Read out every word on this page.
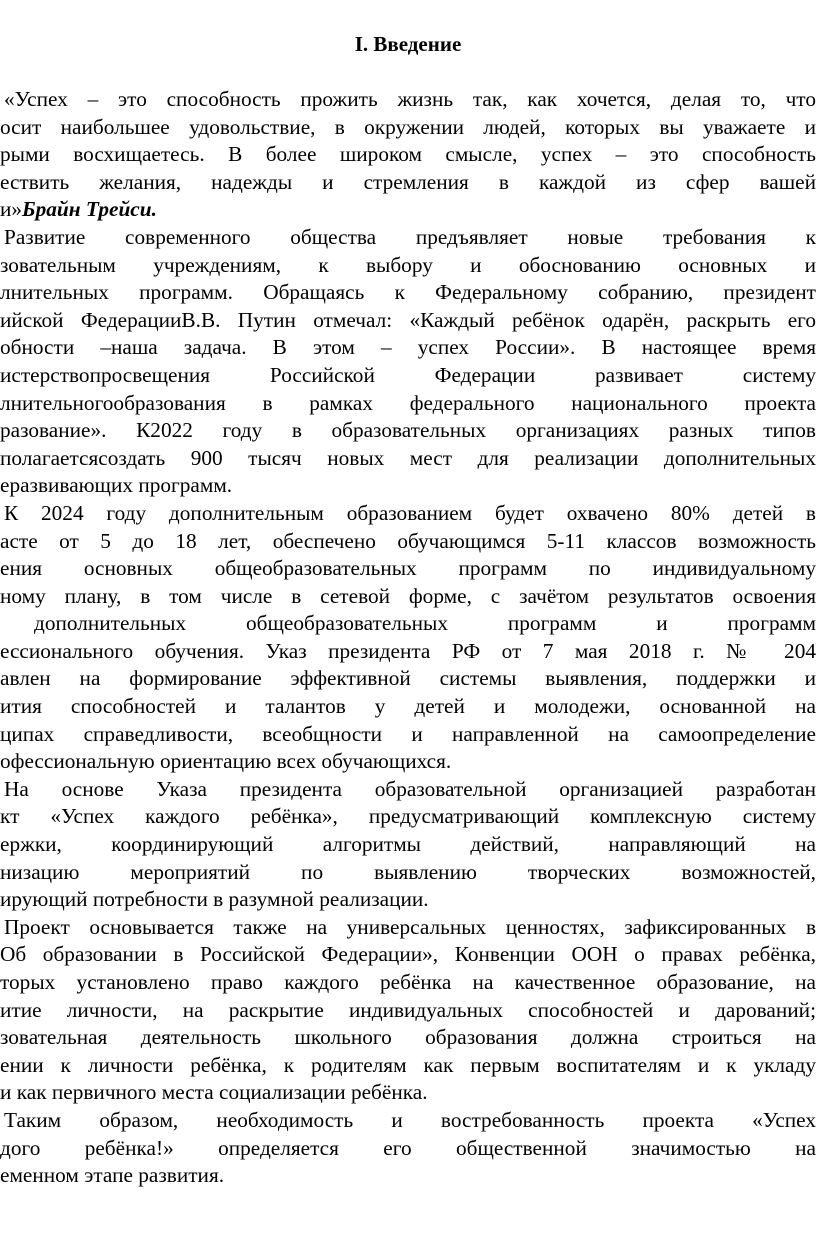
I. Введение
«Успех – это способность прожить жизнь так, как хочется, делая то, что
осит наибольшее удовольствие, в окружении людей, которых вы уважаете и
рыми восхищаетесь. В более широком смысле, успех – это способность
ествить желания, надежды и стремления в каждой из сфер вашей
и»Брайн Трейси.
Развитие современного общества предъявляет новые требования к
зовательным учреждениям, к выбору и обоснованию основных и
лнительных программ. Обращаясь к Федеральному собранию, президент
ийской ФедерацииВ.В. Путин отмечал: «Каждый ребёнок одарён, раскрыть его
обности –наша задача. В этом – успех России». В настоящее время
истерствопросвещения Российской Федерации развивает систему
лнительногообразования в рамках федерального национального проекта
разование». К2022 году в образовательных организациях разных типов
полагаетсясоздать 900 тысяч новых мест для реализации дополнительных
еразвивающих программ.
К 2024 году дополнительным образованием будет охвачено 80% детей в
асте от 5 до 18 лет, обеспечено обучающимся 5-11 классов возможность
ения основных общеобразовательных программ по индивидуальному
ному плану, в том числе в сетевой форме, с зачётом результатов освоения
дополнительных общеобразовательных программ и программ
ессионального обучения. Указ президента РФ от 7 мая 2018 г. № 204
авлен на формирование эффективной системы выявления, поддержки и
ития способностей и талантов у детей и молодежи, основанной на
ципах справедливости, всеобщности и направленной на самоопределение
офессиональную ориентацию всех обучающихся.
На основе Указа президента образовательной организацией разработан
кт «Успех каждого ребёнка», предусматривающий комплексную систему
ержки, координирующий алгоритмы действий, направляющий на
низацию мероприятий по выявлению творческих возможностей,
ирующий потребности в разумной реализации.
Проект основывается также на универсальных ценностях, зафиксированных в
Об образовании в Российской Федерации», Конвенции ООН о правах ребёнка,
торых установлено право каждого ребёнка на качественное образование, на
итие личности, на раскрытие индивидуальных способностей и дарований;
зовательная деятельность школьного образования должна строиться на
ении к личности ребёнка, к родителям как первым воспитателям и к укладу
и как первичного места социализации ребёнка.
Таким образом, необходимость и востребованность проекта «Успех
дого ребёнка!» определяется его общественной значимостью на
еменном этапе развития.
